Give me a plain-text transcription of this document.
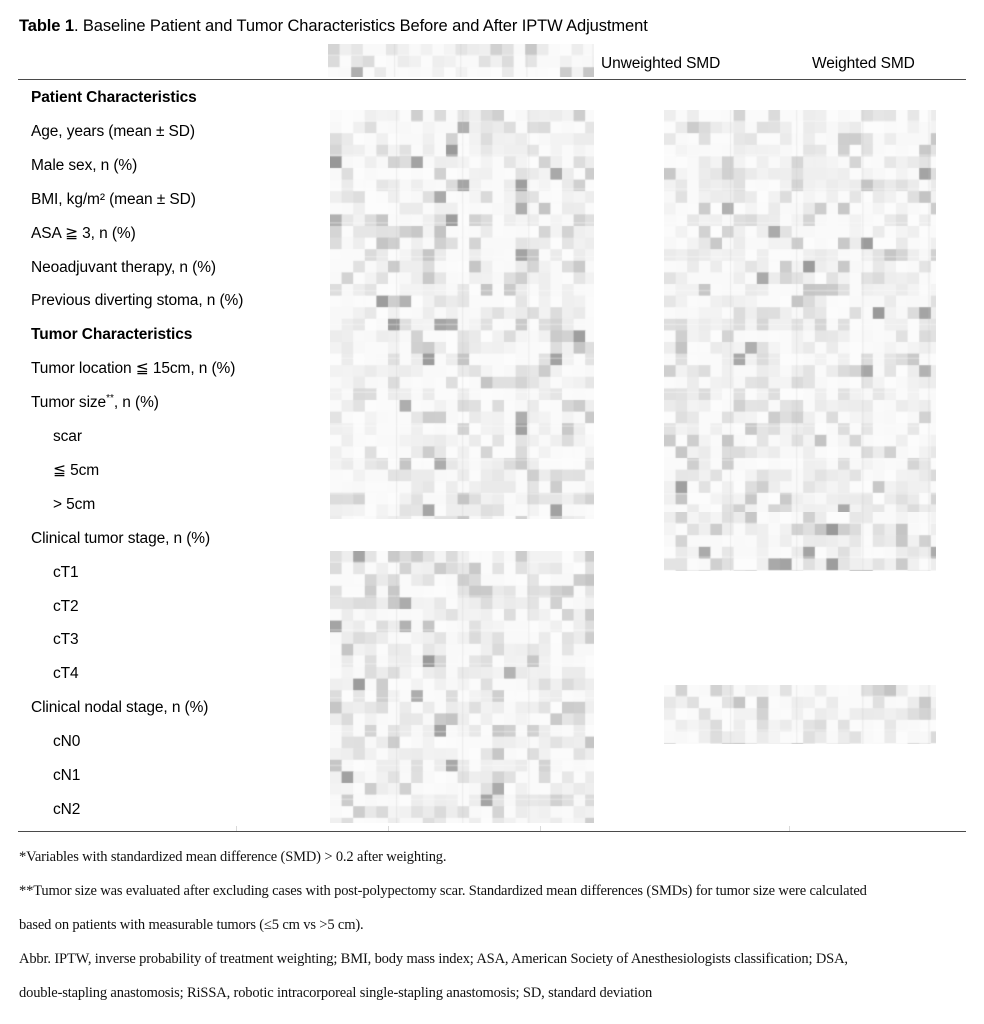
Table 1. Baseline Patient and Tumor Characteristics Before and After IPTW Adjustment
Unweighted SMD	Weighted SMD
Patient Characteristics
Age, years (mean ± SD)
Male sex, n (%)
BMI, kg/m² (mean ± SD)
ASA ≧ 3, n (%)
Neoadjuvant therapy, n (%)
Previous diverting stoma, n (%)
Tumor Characteristics
Tumor location ≦ 15cm, n (%)
Tumor size**, n (%)
scar
≦ 5cm
> 5cm
Clinical tumor stage, n (%)
cT1
cT2
cT3
cT4
Clinical nodal stage, n (%)
cN0
cN1
cN2
*Variables with standardized mean difference (SMD) > 0.2 after weighting.
**Tumor size was evaluated after excluding cases with post-polypectomy scar. Standardized mean differences (SMDs) for tumor size were calculated
based on patients with measurable tumors (≤5 cm vs >5 cm).
Abbr. IPTW, inverse probability of treatment weighting; BMI, body mass index; ASA, American Society of Anesthesiologists classification; DSA,
double-stapling anastomosis; RiSSA, robotic intracorporeal single-stapling anastomosis; SD, standard deviation
